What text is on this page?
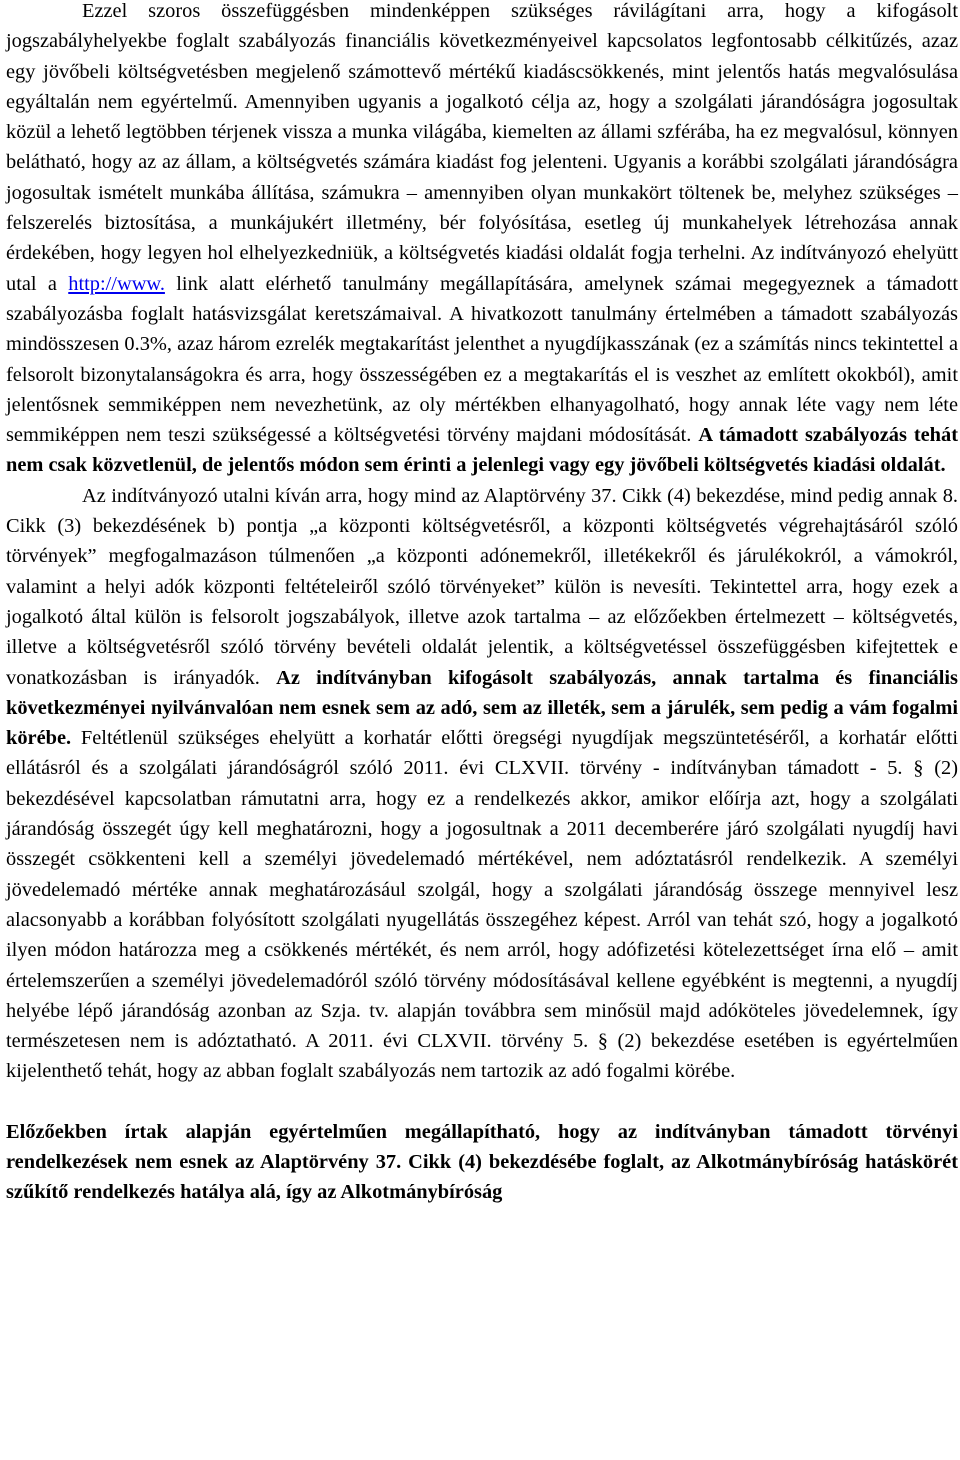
Ezzel szoros összefüggésben mindenképpen szükséges rávilágítani arra, hogy a kifogásolt jogszabályhelyekbe foglalt szabályozás financiális következményeivel kapcsolatos legfontosabb célkitűzés, azaz egy jövőbeli költségvetésben megjelenő számottevő mértékű kiadáscsökkenés, mint jelentős hatás megvalósulása egyáltalán nem egyértelmű. Amennyiben ugyanis a jogalkotó célja az, hogy a szolgálati járandóságra jogosultak közül a lehető legtöbben térjenek vissza a munka világába, kiemelten az állami szférába, ha ez megvalósul, könnyen belátható, hogy az az állam, a költségvetés számára kiadást fog jelenteni. Ugyanis a korábbi szolgálati járandóságra jogosultak ismételt munkába állítása, számukra – amennyiben olyan munkakört töltenek be, melyhez szükséges – felszerelés biztosítása, a munkájukért illetmény, bér folyósítása, esetleg új munkahelyek létrehozása annak érdekében, hogy legyen hol elhelyezkedniük, a költségvetés kiadási oldalát fogja terhelni. Az indítványozó ehelyütt utal a http://www. link alatt elérhető tanulmány megállapítására, amelynek számai megegyeznek a támadott szabályozásba foglalt hatásvizsgálat keretszámaival. A hivatkozott tanulmány értelmében a támadott szabályozás mindösszesen 0.3%, azaz három ezrelék megtakarítást jelenthet a nyugdíjkasszának (ez a számítás nincs tekintettel a felsorolt bizonytalanságokra és arra, hogy összességében ez a megtakarítás el is veszhet az említett okokból), amit jelentősnek semmiképpen nem nevezhetünk, az oly mértékben elhanyagolható, hogy annak léte vagy nem léte semmiképpen nem teszi szükségessé a költségvetési törvény majdani módosítását. A támadott szabályozás tehát nem csak közvetlenül, de jelentős módon sem érinti a jelenlegi vagy egy jövőbeli költségvetés kiadási oldalát.

Az indítványozó utalni kíván arra, hogy mind az Alaptörvény 37. Cikk (4) bekezdése, mind pedig annak 8. Cikk (3) bekezdésének b) pontja „a központi költségvetésről, a központi költségvetés végrehajtásáról szóló törvények” megfogalmazáson túlmenően „a központi adónemekről, illetékekről és járulékokról, a vámokról, valamint a helyi adók központi feltételeiről szóló törvényeket” külön is nevesíti. Tekintettel arra, hogy ezek a jogalkotó által külön is felsorolt jogszabályok, illetve azok tartalma – az előzőekben értelmezett – költségvetés, illetve a költségvetésről szóló törvény bevételi oldalát jelentik, a költségvetéssel összefüggésben kifejtettek e vonatkozásban is irányadók. Az indítványban kifogásolt szabályozás, annak tartalma és financiális következményei nyilvánvalóan nem esnek sem az adó, sem az illeték, sem a járulék, sem pedig a vám fogalmi körébe. Feltétlenül szükséges ehelyütt a korhatár előtti öregségi nyugdíjak megszüntetéséről, a korhatár előtti ellátásról és a szolgálati járandóságról szóló 2011. évi CLXVII. törvény - indítványban támadott - 5. § (2) bekezdésével kapcsolatban rámutatni arra, hogy ez a rendelkezés akkor, amikor előírja azt, hogy a szolgálati járandóság összegét úgy kell meghatározni, hogy a jogosultnak a 2011 decemberére járó szolgálati nyugdíj havi összegét csökkenteni kell a személyi jövedelemadó mértékével, nem adóztatásról rendelkezik. A személyi jövedelemadó mértéke annak meghatározásául szolgál, hogy a szolgálati járandóság összege mennyivel lesz alacsonyabb a korábban folyósított szolgálati nyugellátás összegéhez képest. Arról van tehát szó, hogy a jogalkotó ilyen módon határozza meg a csökkenés mértékét, és nem arról, hogy adófizetési kötelezettséget írna elő – amit értelemszerűen a személyi jövedelemadóról szóló törvény módosításával kellene egyébként is megtenni, a nyugdíj helyébe lépő járandóság azonban az Szja. tv. alapján továbbra sem minősül majd adóköteles jövedelemnek, így természetesen nem is adóztatható. A 2011. évi CLXVII. törvény 5. § (2) bekezdése esetében is egyértelműen kijelenthető tehát, hogy az abban foglalt szabályozás nem tartozik az adó fogalmi körébe.

Előzőekben írtak alapján egyértelműen megállapítható, hogy az indítványban támadott törvényi rendelkezések nem esnek az Alaptörvény 37. Cikk (4) bekezdésébe foglalt, az Alkotmánybíróság hatáskörét szűkítő rendelkezés hatálya alá, így az Alkotmánybíróság
